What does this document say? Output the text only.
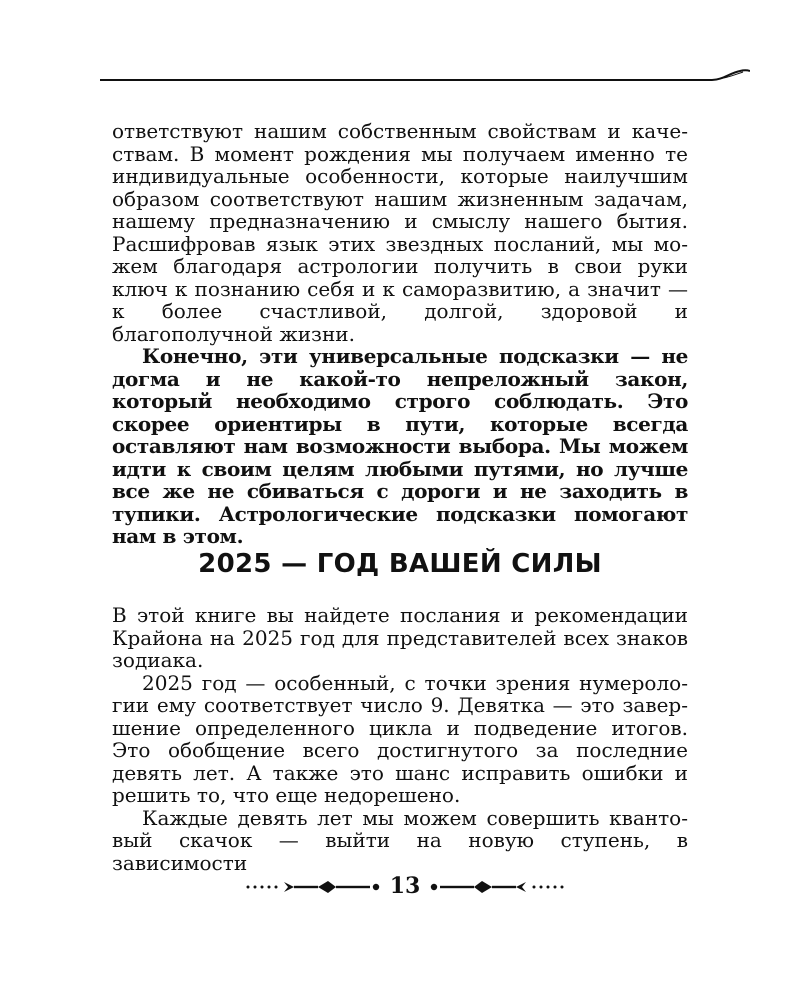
ответствуют нашим собственным свойствам и качествам. В момент рождения мы получаем именно те индивидуальные особенности, которые наилучшим образом соответствуют нашим жизненным задачам, нашему предназначению и смыслу нашего бытия. Расшифровав язык этих звездных посланий, мы можем благодаря астрологии получить в свои руки ключ к познанию себя и к саморазвитию, а значит — к более счастливой, долгой, здоровой и благополучной жизни.

Конечно, эти универсальные подсказки — не догма и не какой-то непреложный закон, который необходимо строго соблюдать. Это скорее ориентиры в пути, которые всегда оставляют нам возможности выбора. Мы можем идти к своим целям любыми путями, но лучше все же не сбиваться с дороги и не заходить в тупики. Астрологические подсказки помогают нам в этом.

2025 — ГОД ВАШЕЙ СИЛЫ

В этой книге вы найдете послания и рекомендации Крайона на 2025 год для представителей всех знаков зодиака.

2025 год — особенный, с точки зрения нумерологии ему соответствует число 9. Девятка — это завершение определенного цикла и подведение итогов. Это обобщение всего достигнутого за последние девять лет. А также это шанс исправить ошибки и решить то, что еще недорешено.

Каждые девять лет мы можем совершить квантовый скачок — выйти на новую ступень, в зависимости

13
